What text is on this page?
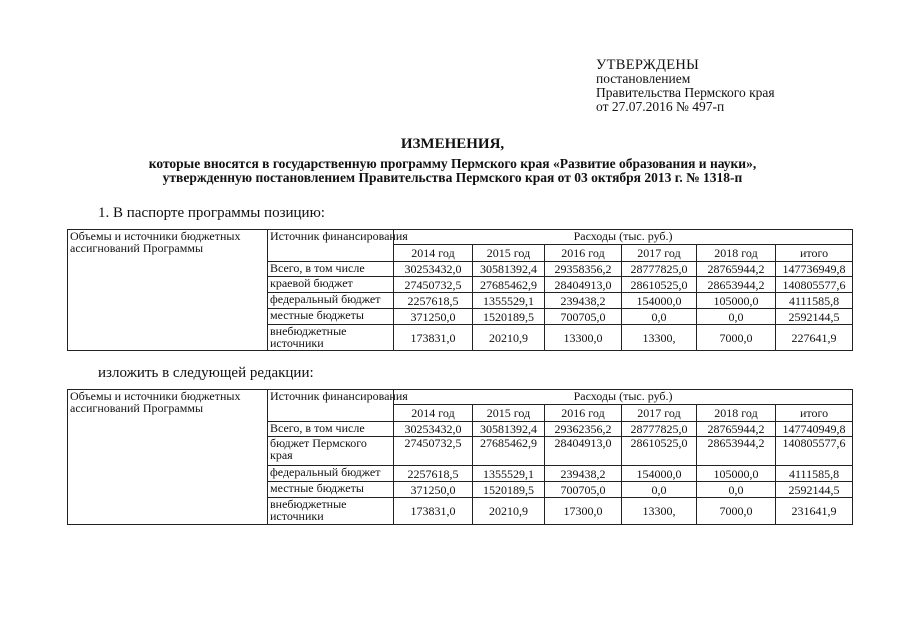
УТВЕРЖДЕНЫ
постановлением
Правительства Пермского края
от 27.07.2016 № 497-п
ИЗМЕНЕНИЯ,
которые вносятся в государственную программу Пермского края «Развитие образования и науки»,
утвержденную постановлением Правительства Пермского края от 03 октября 2013 г. № 1318-п
1. В паспорте программы позицию:
Объемы и источники бюджетных ассигнований Программы	Источник финансирования	Расходы (тыс. руб.)					
		2014 год	2015 год	2016 год	2017 год	2018 год	итого
	Всего, в том числе	30253432,0	30581392,4	29358356,2	28777825,0	28765944,2	147736949,8
	краевой бюджет	27450732,5	27685462,9	28404913,0	28610525,0	28653944,2	140805577,6
	федеральный бюджет	2257618,5	1355529,1	239438,2	154000,0	105000,0	4111585,8
	местные бюджеты	371250,0	1520189,5	700705,0	0,0	0,0	2592144,5
	внебюджетные источники	173831,0	20210,9	13300,0	13300,	7000,0	227641,9
изложить в следующей редакции:
Объемы и источники бюджетных ассигнований Программы	Источник финансирования	Расходы (тыс. руб.)					
		2014 год	2015 год	2016 год	2017 год	2018 год	итого
	Всего, в том числе	30253432,0	30581392,4	29362356,2	28777825,0	28765944,2	147740949,8
	бюджет Пермского края	27450732,5	27685462,9	28404913,0	28610525,0	28653944,2	140805577,6
	федеральный бюджет	2257618,5	1355529,1	239438,2	154000,0	105000,0	4111585,8
	местные бюджеты	371250,0	1520189,5	700705,0	0,0	0,0	2592144,5
	внебюджетные источники	173831,0	20210,9	17300,0	13300,	7000,0	231641,9
